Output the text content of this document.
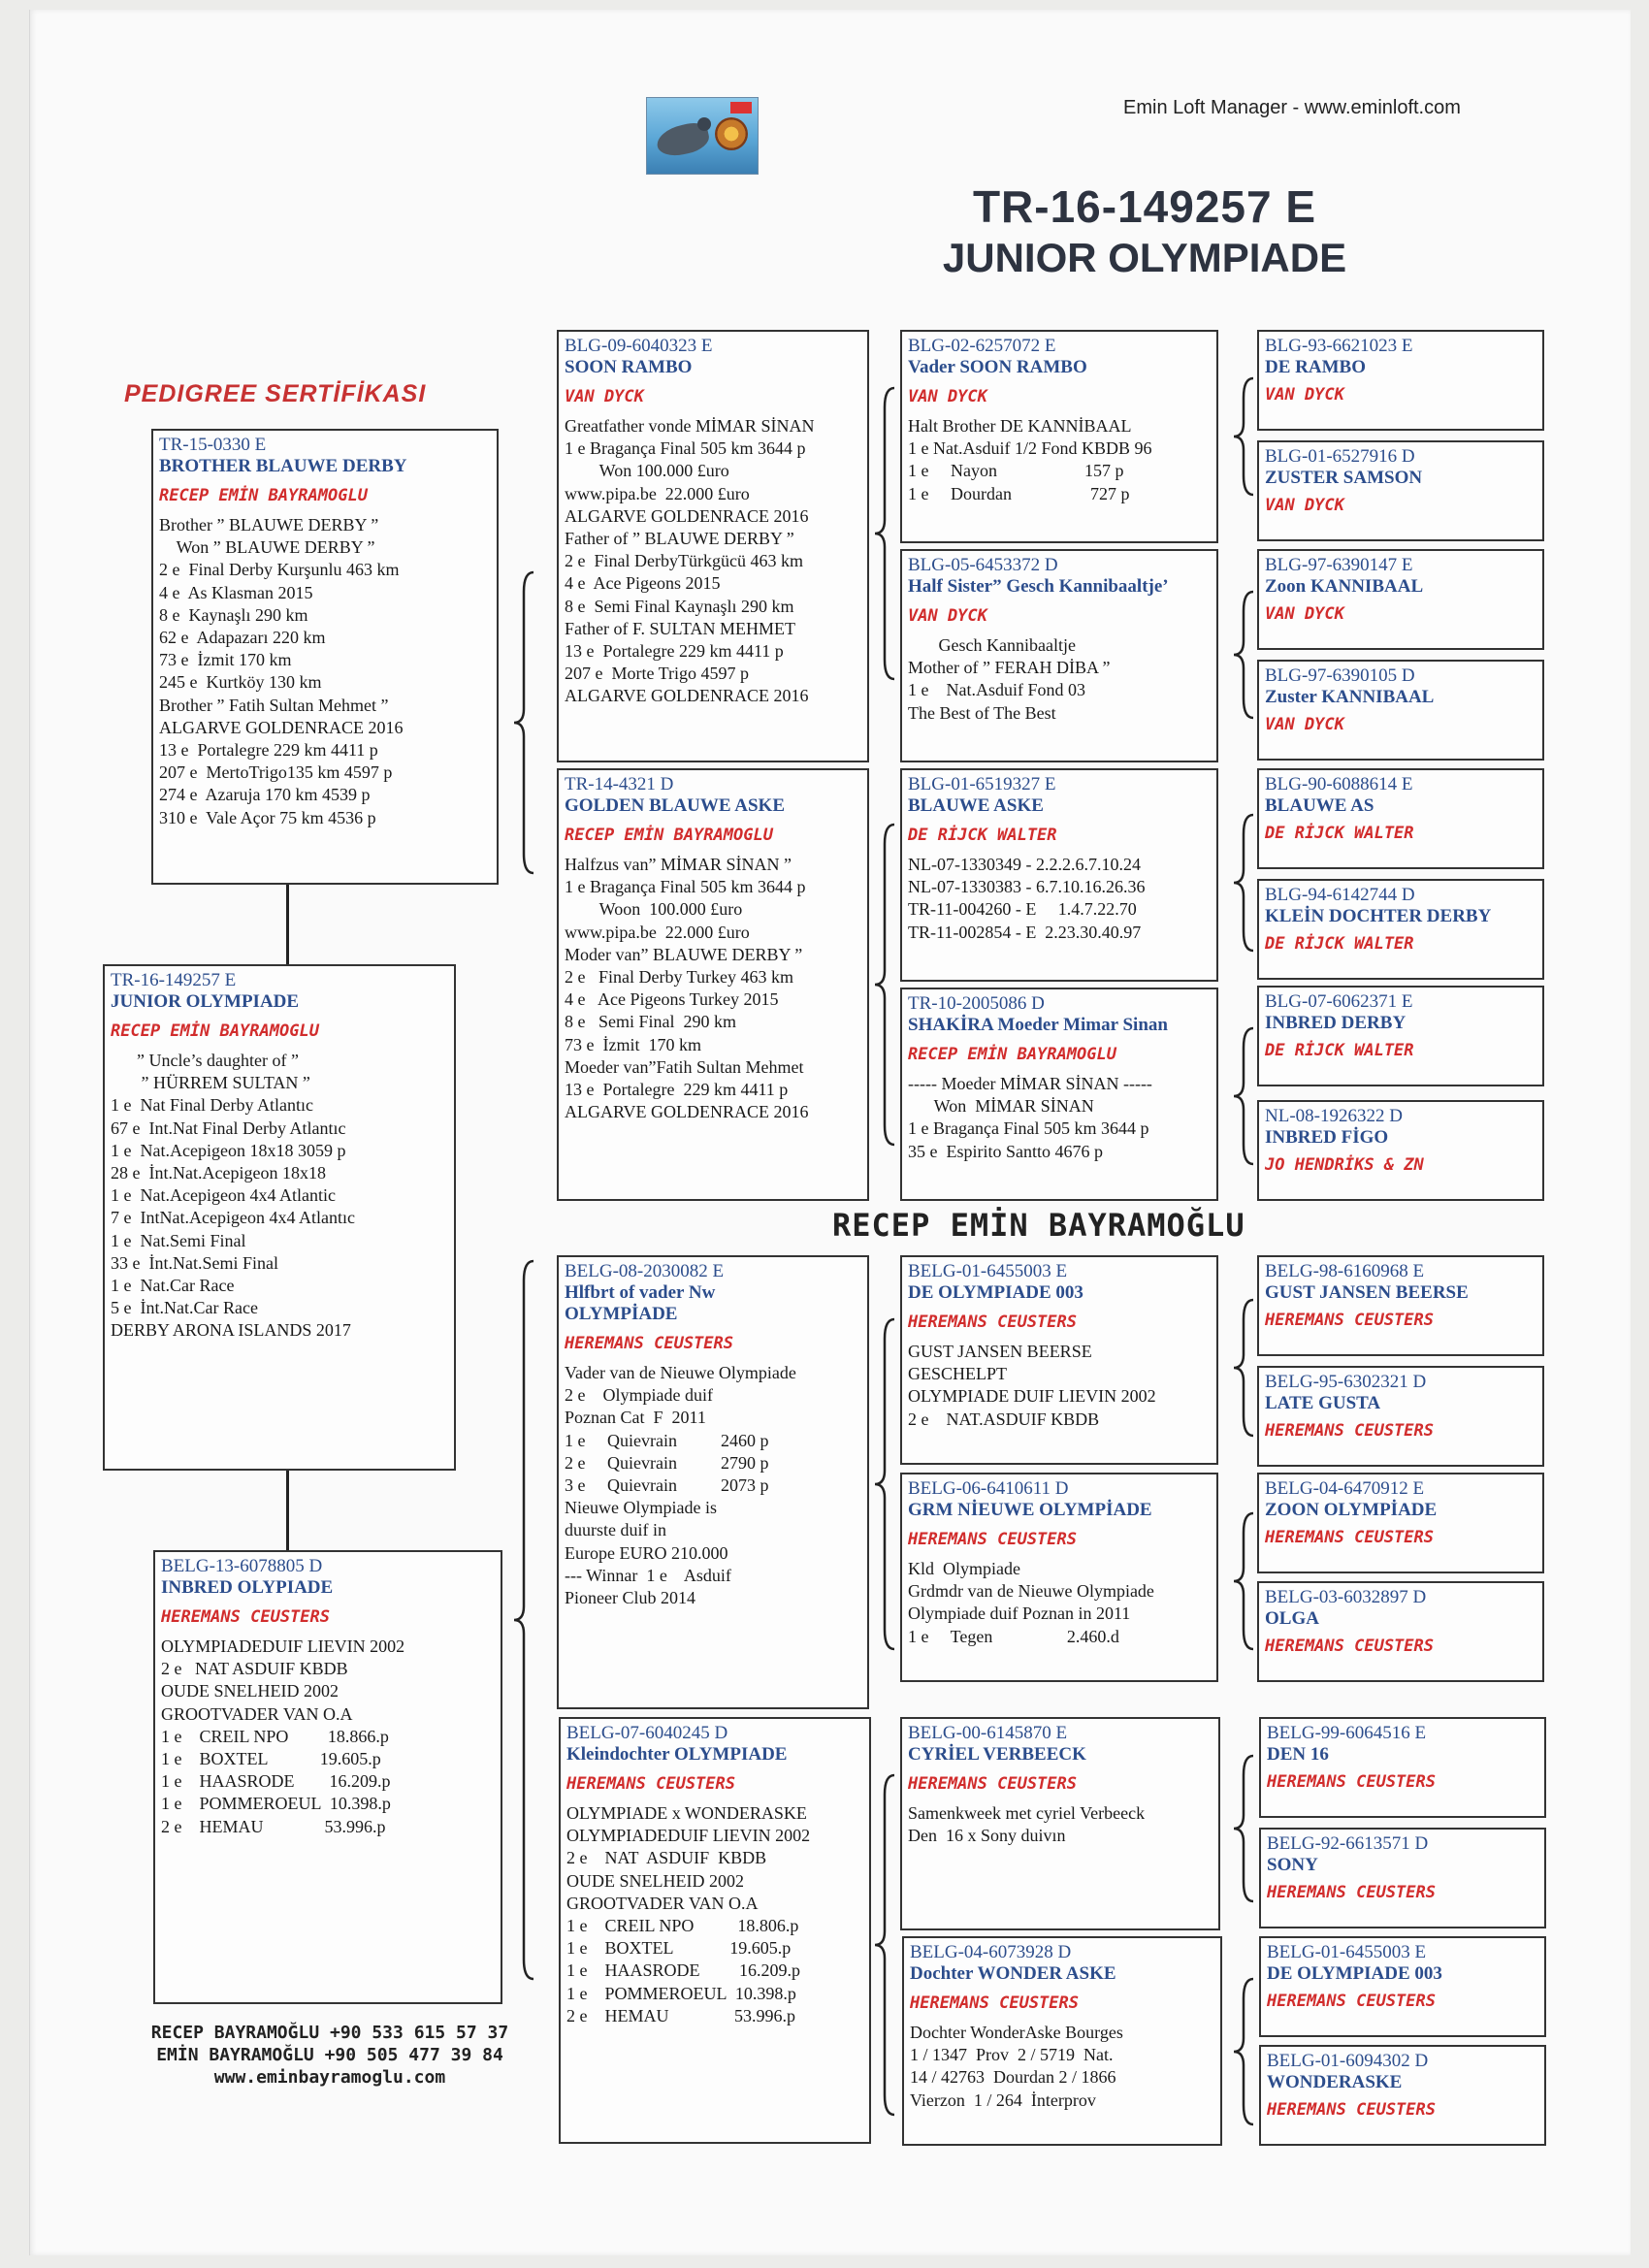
Emin Loft Manager - www.eminloft.com
TR-16-149257 E
JUNIOR OLYMPIADE
PEDIGREE SERTİFİKASI
TR-16-149257 E
JUNIOR OLYMPIADE
RECEP EMİN BAYRAMOGLU
” Uncle’s daughter of ”
” HÜRREM SULTAN ”
1 e  Nat Final Derby Atlantıc
67 e  Int.Nat Final Derby Atlantıc
1 e  Nat.Acepigeon 18x18 3059 p
28 e  İnt.Nat.Acepigeon 18x18
1 e  Nat.Acepigeon 4x4 Atlantic
7 e  IntNat.Acepigeon 4x4 Atlantıc
1 e  Nat.Semi Final
33 e  İnt.Nat.Semi Final
1 e  Nat.Car Race
5 e  İnt.Nat.Car Race
DERBY ARONA ISLANDS 2017
TR-15-0330 E
BROTHER BLAUWE DERBY
RECEP EMİN BAYRAMOGLU
Brother ” BLAUWE DERBY ”
Won ” BLAUWE DERBY ”
2 e  Final Derby Kurşunlu 463 km
4 e  As Klasman 2015
8 e  Kaynaşlı 290 km
62 e  Adapazarı 220 km
73 e  İzmit 170 km
245 e  Kurtköy 130 km
Brother ” Fatih Sultan Mehmet ”
ALGARVE GOLDENRACE 2016
13 e  Portalegre 229 km 4411 p
207 e  MertoTrigo135 km 4597 p
274 e  Azaruja 170 km 4539 p
310 e  Vale Açor 75 km 4536 p
BELG-13-6078805 D
INBRED OLYPIADE
HEREMANS CEUSTERS
OLYMPIADEDUIF LIEVIN 2002
2 e   NAT ASDUIF KBDB
OUDE SNELHEID 2002
GROOTVADER VAN O.A
1 e    CREIL NPO         18.866.p
1 e    BOXTEL            19.605.p
1 e    HAASRODE        16.209.p
1 e    POMMEROEUL  10.398.p
2 e    HEMAU              53.996.p
BLG-09-6040323 E
SOON RAMBO
VAN DYCK
Greatfather vonde MİMAR SİNAN
1 e Bragança Final 505 km 3644 p
Won 100.000 £uro
www.pipa.be  22.000 £uro
ALGARVE GOLDENRACE 2016
Father of ” BLAUWE DERBY ”
2 e  Final DerbyTürkgücü 463 km
4 e  Ace Pigeons 2015
8 e  Semi Final Kaynaşlı 290 km
Father of F. SULTAN MEHMET
13 e  Portalegre 229 km 4411 p
207 e  Morte Trigo 4597 p
ALGARVE GOLDENRACE 2016
TR-14-4321 D
GOLDEN BLAUWE ASKE
RECEP EMİN BAYRAMOGLU
Halfzus van” MİMAR SİNAN ”
1 e Bragança Final 505 km 3644 p
Woon  100.000 £uro
www.pipa.be  22.000 £uro
Moder van” BLAUWE DERBY ”
2 e   Final Derby Turkey 463 km
4 e   Ace Pigeons Turkey 2015
8 e   Semi Final  290 km
73 e  İzmit  170 km
Moeder van”Fatih Sultan Mehmet
13 e  Portalegre  229 km 4411 p
ALGARVE GOLDENRACE 2016
BELG-08-2030082 E
Hlfbrt of vader Nw
OLYMPİADE
HEREMANS CEUSTERS
Vader van de Nieuwe Olympiade
2 e    Olympiade duif
Poznan Cat  F  2011
1 e     Quievrain          2460 p
2 e     Quievrain          2790 p
3 e     Quievrain          2073 p
Nieuwe Olympiade is
duurste duif in
Europe EURO 210.000
--- Winnar  1 e    Asduif
Pioneer Club 2014
BELG-07-6040245 D
Kleindochter OLYMPIADE
HEREMANS CEUSTERS
OLYMPIADE x WONDERASKE
OLYMPIADEDUIF LIEVIN 2002
2 e    NAT  ASDUIF  KBDB
OUDE SNELHEID 2002
GROOTVADER VAN O.A
1 e    CREIL NPO          18.806.p
1 e    BOXTEL             19.605.p
1 e    HAASRODE         16.209.p
1 e    POMMEROEUL  10.398.p
2 e    HEMAU               53.996.p
BLG-02-6257072 E
Vader SOON RAMBO
VAN DYCK
Halt Brother DE KANNİBAAL
1 e Nat.Asduif 1/2 Fond KBDB 96
1 e     Nayon                    157 p
1 e     Dourdan                  727 p
BLG-05-6453372 D
Half Sister” Gesch Kannibaaltje’
VAN DYCK
Gesch Kannibaaltje
Mother of ” FERAH DİBA ”
1 e    Nat.Asduif Fond 03
The Best of The Best
BLG-01-6519327 E
BLAUWE ASKE
DE RİJCK WALTER
NL-07-1330349 - 2.2.2.6.7.10.24
NL-07-1330383 - 6.7.10.16.26.36
TR-11-004260 - E     1.4.7.22.70
TR-11-002854 - E  2.23.30.40.97
TR-10-2005086 D
SHAKİRA Moeder Mimar Sinan
RECEP EMİN BAYRAMOGLU
----- Moeder MİMAR SİNAN -----
Won  MİMAR SİNAN
1 e Bragança Final 505 km 3644 p
35 e  Espirito Santto 4676 p
BELG-01-6455003 E
DE OLYMPIADE 003
HEREMANS CEUSTERS
GUST JANSEN BEERSE
GESCHELPT
OLYMPIADE DUIF LIEVIN 2002
2 e    NAT.ASDUIF KBDB
BELG-06-6410611 D
GRM NİEUWE OLYMPİADE
HEREMANS CEUSTERS
Kld  Olympiade
Grdmdr van de Nieuwe Olympiade
Olympiade duif Poznan in 2011
1 e     Tegen                 2.460.d
BELG-00-6145870 E
CYRİEL VERBEECK
HEREMANS CEUSTERS
Samenkweek met cyriel Verbeeck
Den  16 x Sony duivın
BELG-04-6073928 D
Dochter WONDER ASKE
HEREMANS CEUSTERS
Dochter WonderAske Bourges
1 / 1347  Prov  2 / 5719  Nat.
14 / 42763  Dourdan 2 / 1866
Vierzon  1 / 264  İnterprov
BLG-93-6621023 E
DE RAMBO
VAN DYCK
BLG-01-6527916 D
ZUSTER SAMSON
VAN DYCK
BLG-97-6390147 E
Zoon KANNIBAAL
VAN DYCK
BLG-97-6390105 D
Zuster KANNIBAAL
VAN DYCK
BLG-90-6088614 E
BLAUWE AS
DE RİJCK WALTER
BLG-94-6142744 D
KLEİN DOCHTER DERBY
DE RİJCK WALTER
BLG-07-6062371 E
INBRED DERBY
DE RİJCK WALTER
NL-08-1926322 D
INBRED FİGO
JO HENDRİKS & ZN
BELG-98-6160968 E
GUST JANSEN BEERSE
HEREMANS CEUSTERS
BELG-95-6302321 D
LATE GUSTA
HEREMANS CEUSTERS
BELG-04-6470912 E
ZOON OLYMPİADE
HEREMANS CEUSTERS
BELG-03-6032897 D
OLGA
HEREMANS CEUSTERS
BELG-99-6064516 E
DEN 16
HEREMANS CEUSTERS
BELG-92-6613571 D
SONY
HEREMANS CEUSTERS
BELG-01-6455003 E
DE OLYMPIADE 003
HEREMANS CEUSTERS
BELG-01-6094302 D
WONDERASKE
HEREMANS CEUSTERS
RECEP EMİN BAYRAMOĞLU
RECEP BAYRAMOĞLU +90 533 615 57 37
EMİN BAYRAMOĞLU +90 505 477 39 84
www.eminbayramoglu.com
